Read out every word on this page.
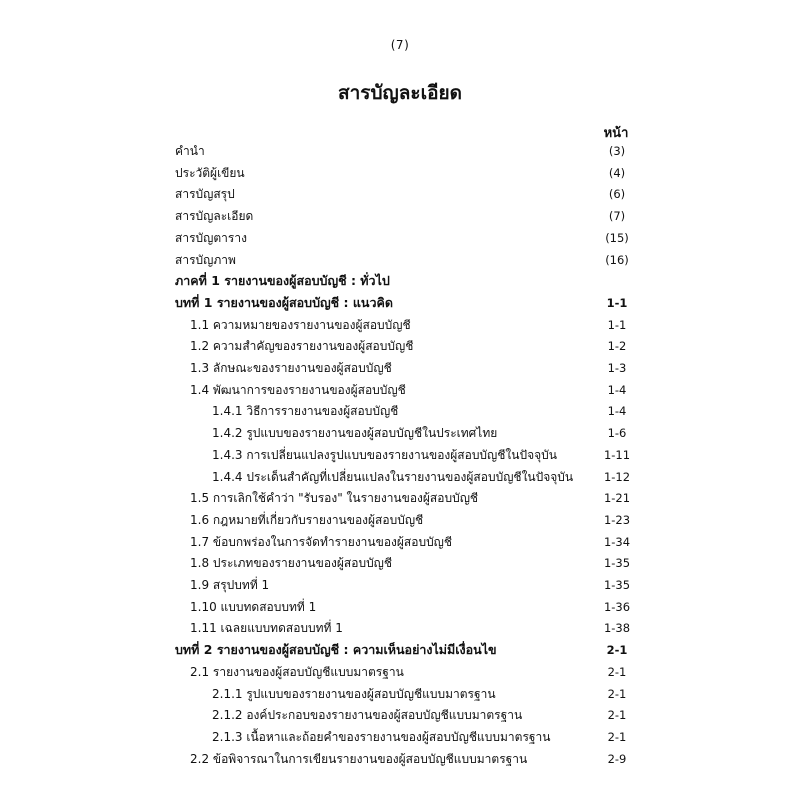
(7)
สารบัญละเอียด
หน้า
คำนำ	(3)
ประวัติผู้เขียน	(4)
สารบัญสรุป	(6)
สารบัญละเอียด	(7)
สารบัญตาราง	(15)
สารบัญภาพ	(16)
ภาคที่ 1 รายงานของผู้สอบบัญชี : ทั่วไป
บทที่ 1 รายงานของผู้สอบบัญชี : แนวคิด	1-1
1.1 ความหมายของรายงานของผู้สอบบัญชี	1-1
1.2 ความสำคัญของรายงานของผู้สอบบัญชี	1-2
1.3 ลักษณะของรายงานของผู้สอบบัญชี	1-3
1.4 พัฒนาการของรายงานของผู้สอบบัญชี	1-4
1.4.1 วิธีการรายงานของผู้สอบบัญชี	1-4
1.4.2 รูปแบบของรายงานของผู้สอบบัญชีในประเทศไทย	1-6
1.4.3 การเปลี่ยนแปลงรูปแบบของรายงานของผู้สอบบัญชีในปัจจุบัน	1-11
1.4.4 ประเด็นสำคัญที่เปลี่ยนแปลงในรายงานของผู้สอบบัญชีในปัจจุบัน	1-12
1.5 การเลิกใช้คำว่า "รับรอง" ในรายงานของผู้สอบบัญชี	1-21
1.6 กฎหมายที่เกี่ยวกับรายงานของผู้สอบบัญชี	1-23
1.7 ข้อบกพร่องในการจัดทำรายงานของผู้สอบบัญชี	1-34
1.8 ประเภทของรายงานของผู้สอบบัญชี	1-35
1.9 สรุปบทที่ 1	1-35
1.10 แบบทดสอบบทที่ 1	1-36
1.11 เฉลยแบบทดสอบบทที่ 1	1-38
บทที่ 2 รายงานของผู้สอบบัญชี : ความเห็นอย่างไม่มีเงื่อนไข	2-1
2.1 รายงานของผู้สอบบัญชีแบบมาตรฐาน	2-1
2.1.1 รูปแบบของรายงานของผู้สอบบัญชีแบบมาตรฐาน	2-1
2.1.2 องค์ประกอบของรายงานของผู้สอบบัญชีแบบมาตรฐาน	2-1
2.1.3 เนื้อหาและถ้อยคำของรายงานของผู้สอบบัญชีแบบมาตรฐาน	2-1
2.2 ข้อพิจารณาในการเขียนรายงานของผู้สอบบัญชีแบบมาตรฐาน	2-9
